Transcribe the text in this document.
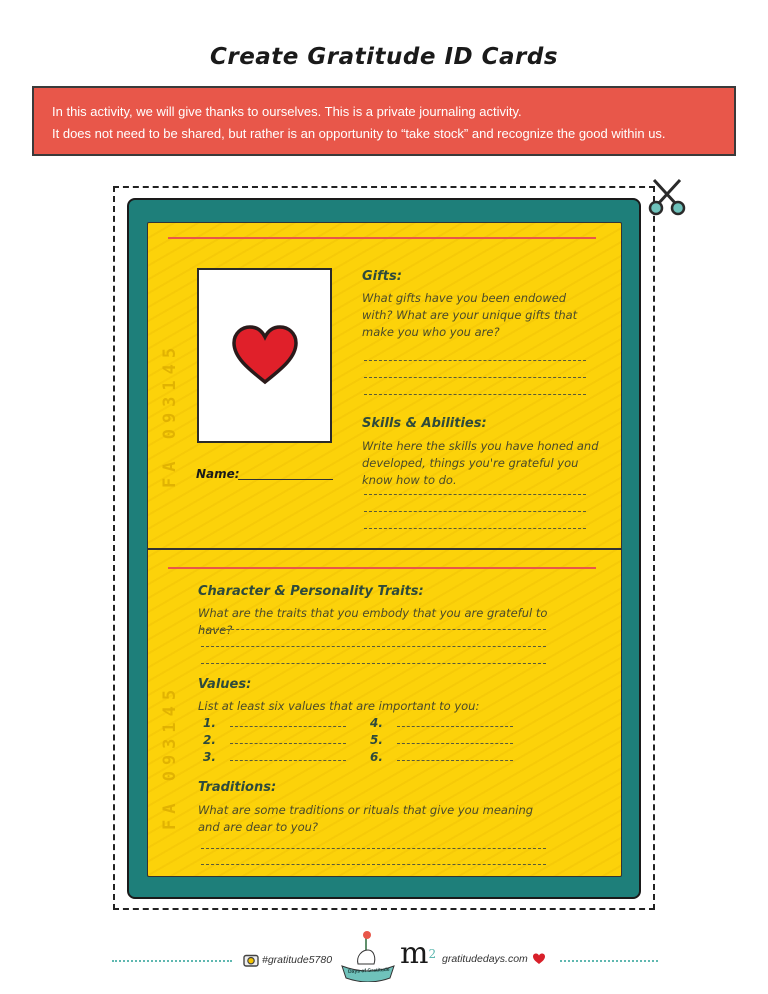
Create Gratitude ID Cards
In this activity, we will give thanks to ourselves. This is a private journaling activity.
It does not need to be shared, but rather is an opportunity to “take stock” and recognize the good within us.
FA 093145
FA 093145
Name:
Gifts:
What gifts have you been endowed with? What are your unique gifts that make you who you are?
Skills & Abilities:
Write here the skills you have honed and developed, things you're grateful you know how to do.
Character & Personality Traits:
What are the traits that you embody that you are grateful to have?
Values:
List at least six values that are important to you:
1.
2.
3.
4.
5.
6.
Traditions:
What are some traditions or rituals that give you meaning and are dear to you?
#gratitude5780
Days of Gratitude $m^2$ gratitudedays.com
